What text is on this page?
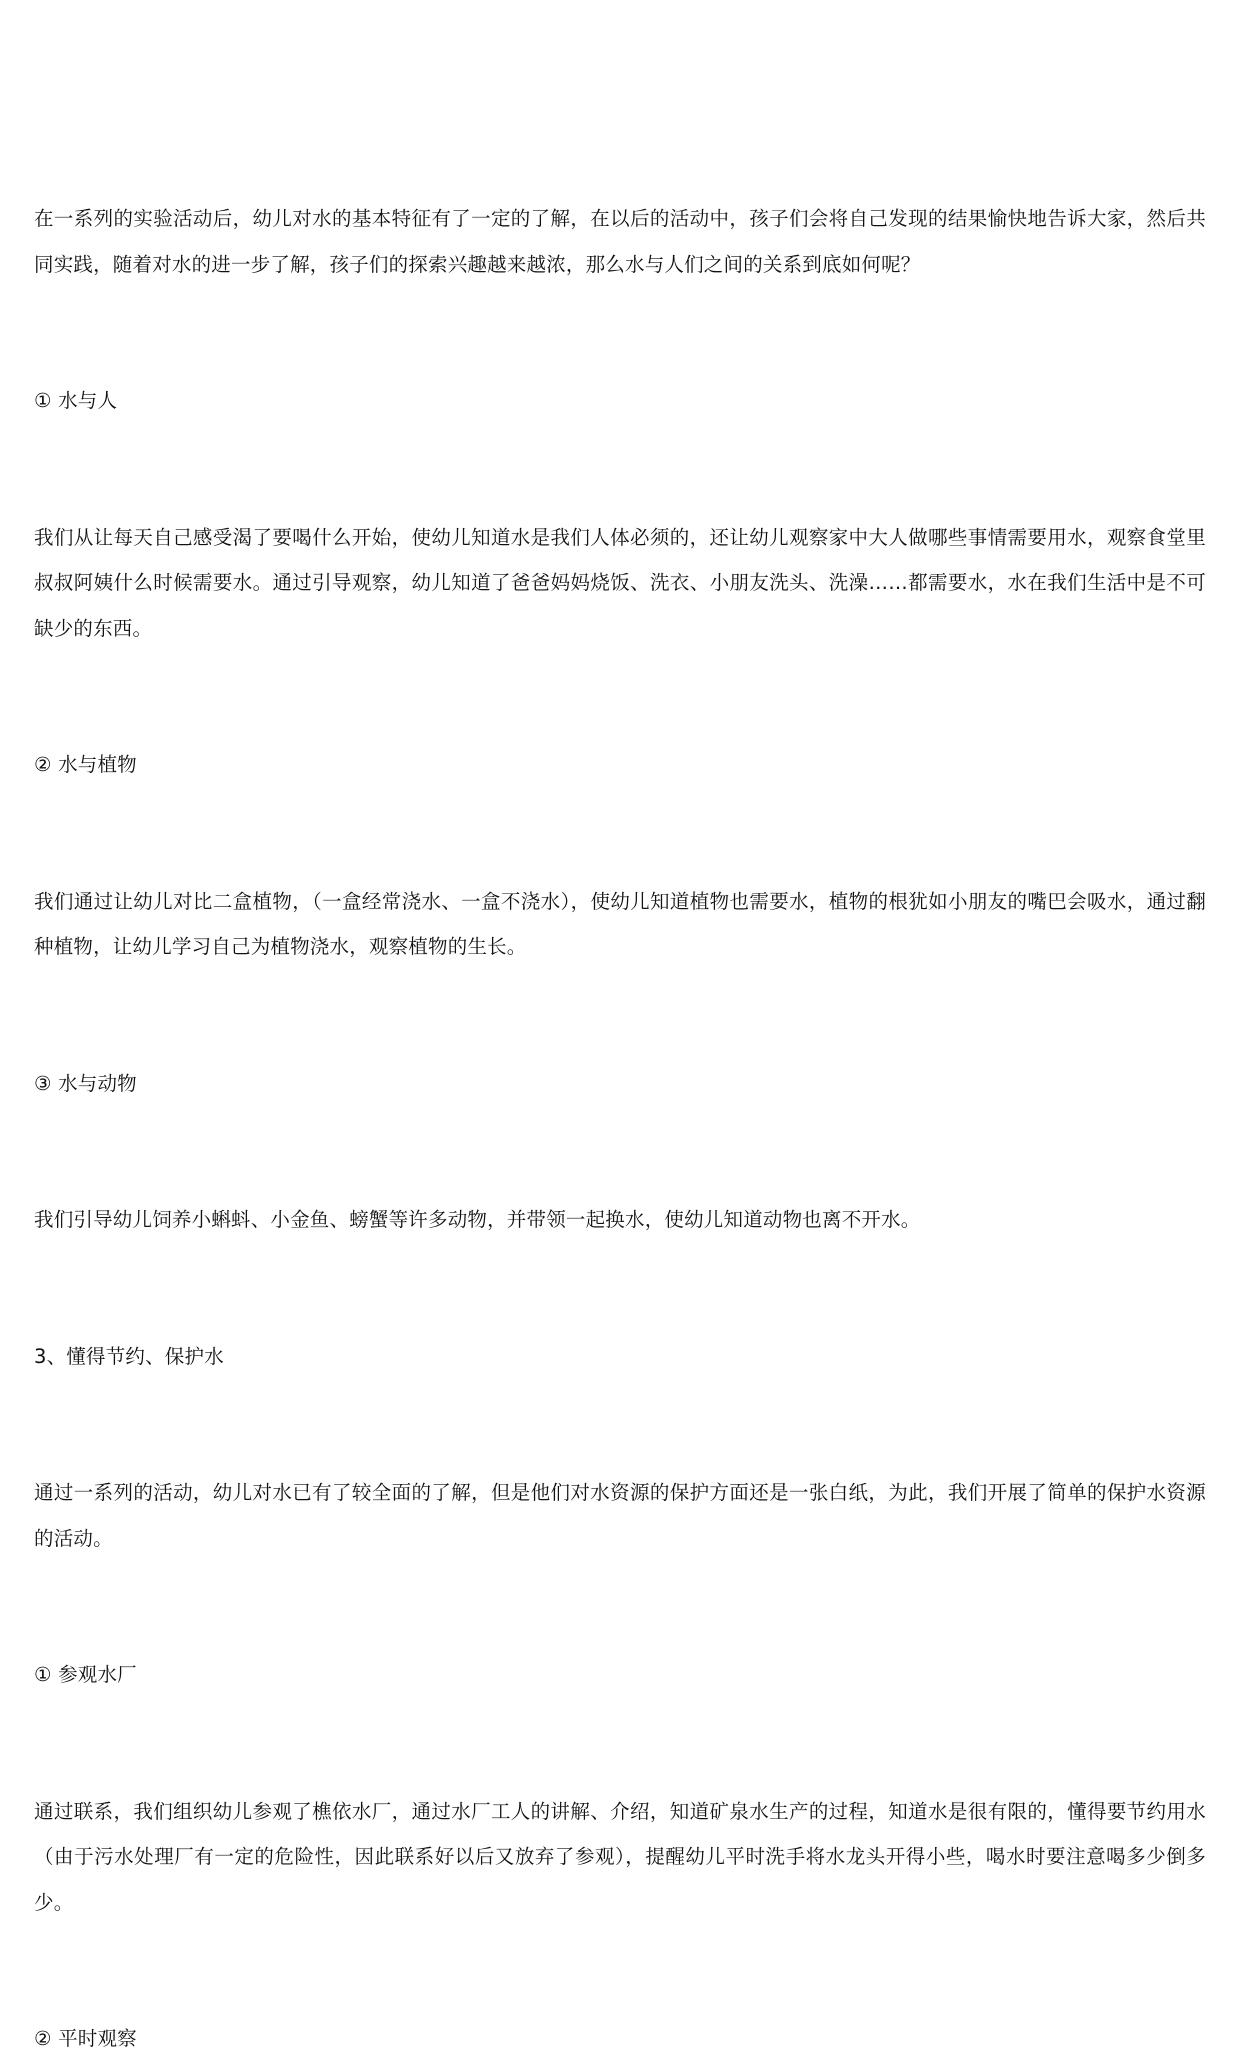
在一系列的实验活动后，幼儿对水的基本特征有了一定的了解，在以后的活动中，孩子们会将自己发现的结果愉快地告诉大家，然后共同实践，随着对水的进一步了解，孩子们的探索兴趣越来越浓，那么水与人们之间的关系到底如何呢？

① 水与人

我们从让每天自己感受渴了要喝什么开始，使幼儿知道水是我们人体必须的，还让幼儿观察家中大人做哪些事情需要用水，观察食堂里叔叔阿姨什么时候需要水。通过引导观察，幼儿知道了爸爸妈妈烧饭、洗衣、小朋友洗头、洗澡……都需要水，水在我们生活中是不可缺少的东西。

② 水与植物

我们通过让幼儿对比二盒植物，（一盒经常浇水、一盒不浇水），使幼儿知道植物也需要水，植物的根犹如小朋友的嘴巴会吸水，通过翻种植物，让幼儿学习自己为植物浇水，观察植物的生长。

③ 水与动物

我们引导幼儿饲养小蝌蚪、小金鱼、螃蟹等许多动物，并带领一起换水，使幼儿知道动物也离不开水。

3、懂得节约、保护水

通过一系列的活动，幼儿对水已有了较全面的了解，但是他们对水资源的保护方面还是一张白纸，为此，我们开展了简单的保护水资源的活动。

① 参观水厂

通过联系，我们组织幼儿参观了樵依水厂，通过水厂工人的讲解、介绍，知道矿泉水生产的过程，知道水是很有限的，懂得要节约用水（由于污水处理厂有一定的危险性，因此联系好以后又放弃了参观），提醒幼儿平时洗手将水龙头开得小些，喝水时要注意喝多少倒多少。

② 平时观察
